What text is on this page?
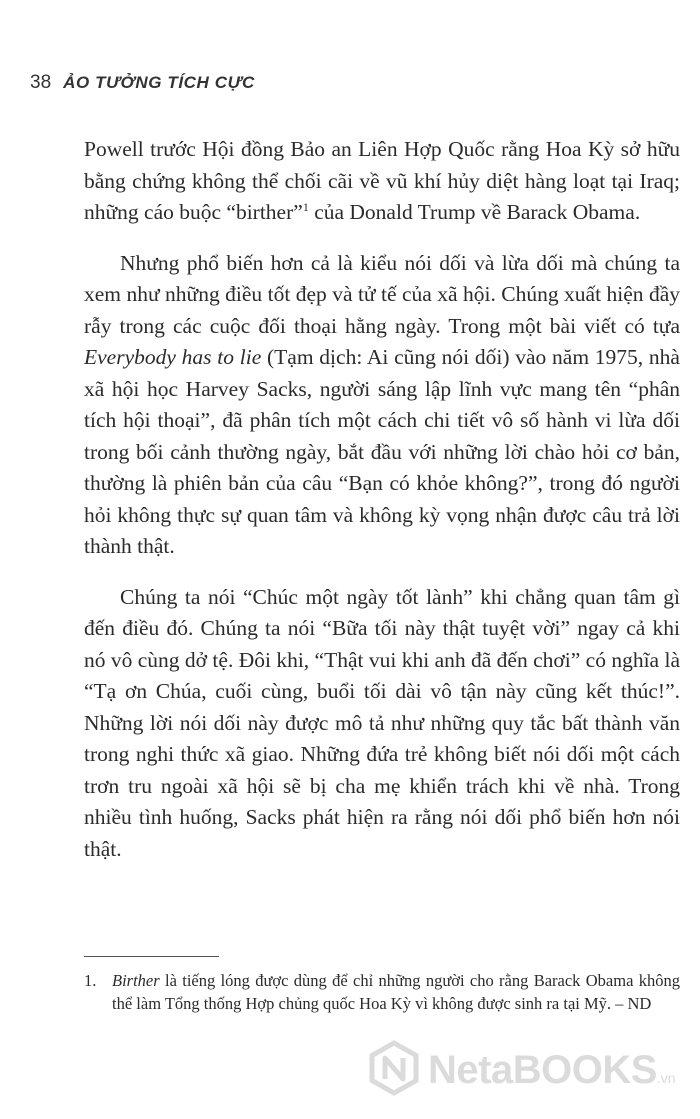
38 ẢO TƯỞNG TÍCH CỰC

Powell trước Hội đồng Bảo an Liên Hợp Quốc rằng Hoa Kỳ sở hữu bằng chứng không thể chối cãi về vũ khí hủy diệt hàng loạt tại Iraq; những cáo buộc “birther”$^1$ của Donald Trump về Barack Obama.

Nhưng phổ biến hơn cả là kiểu nói dối và lừa dối mà chúng ta xem như những điều tốt đẹp và tử tế của xã hội. Chúng xuất hiện đầy rẫy trong các cuộc đối thoại hằng ngày. Trong một bài viết có tựa Everybody has to lie (Tạm dịch: Ai cũng nói dối) vào năm 1975, nhà xã hội học Harvey Sacks, người sáng lập lĩnh vực mang tên “phân tích hội thoại”, đã phân tích một cách chi tiết vô số hành vi lừa dối trong bối cảnh thường ngày, bắt đầu với những lời chào hỏi cơ bản, thường là phiên bản của câu “Bạn có khỏe không?”, trong đó người hỏi không thực sự quan tâm và không kỳ vọng nhận được câu trả lời thành thật.

Chúng ta nói “Chúc một ngày tốt lành” khi chẳng quan tâm gì đến điều đó. Chúng ta nói “Bữa tối này thật tuyệt vời” ngay cả khi nó vô cùng dở tệ. Đôi khi, “Thật vui khi anh đã đến chơi” có nghĩa là “Tạ ơn Chúa, cuối cùng, buổi tối dài vô tận này cũng kết thúc!”. Những lời nói dối này được mô tả như những quy tắc bất thành văn trong nghi thức xã giao. Những đứa trẻ không biết nói dối một cách trơn tru ngoài xã hội sẽ bị cha mẹ khiển trách khi về nhà. Trong nhiều tình huống, Sacks phát hiện ra rằng nói dối phổ biến hơn nói thật.

1. Birther là tiếng lóng được dùng để chỉ những người cho rằng Barack Obama không thể làm Tổng thống Hợp chủng quốc Hoa Kỳ vì không được sinh ra tại Mỹ. – ND
NetaBOOKS.vn
